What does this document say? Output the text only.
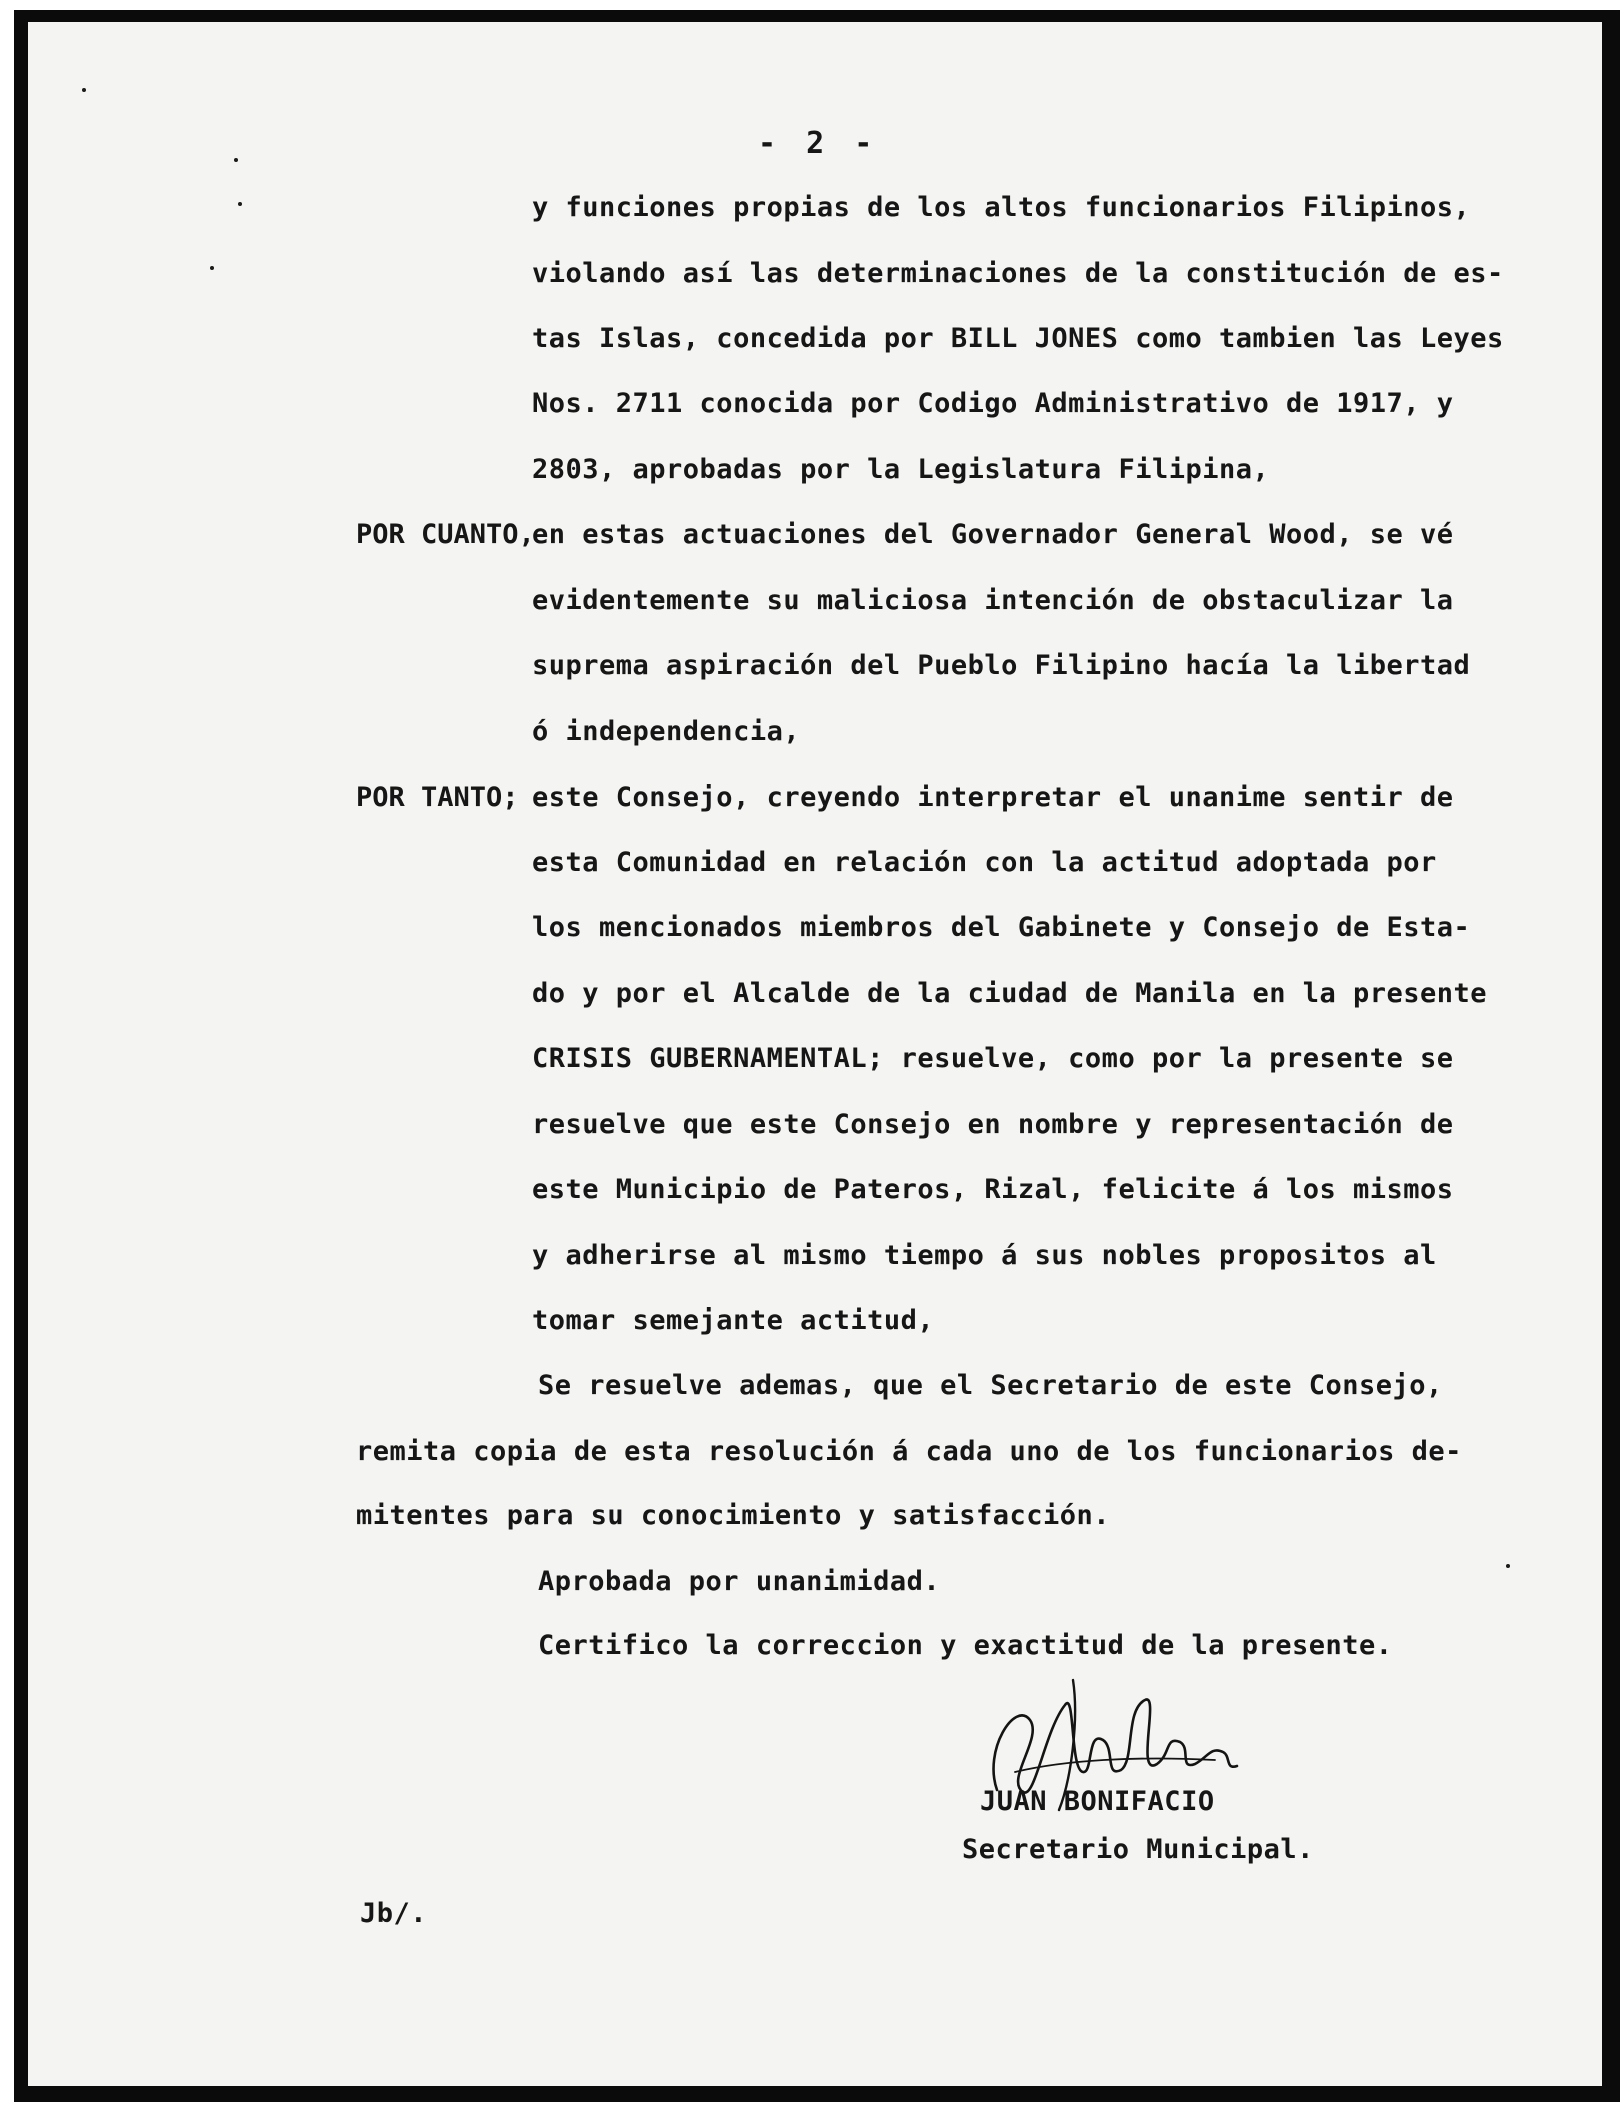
- 2 -
y funciones propias de los altos funcionarios Filipinos,
violando así las determinaciones de la constitución de es-
tas Islas, concedida por BILL JONES como tambien las Leyes
Nos. 2711 conocida por Codigo Administrativo de 1917, y
2803, aprobadas por la Legislatura Filipina,
POR CUANTO,
en estas actuaciones del Governador General Wood, se vé
evidentemente su maliciosa intención de obstaculizar la
suprema aspiración del Pueblo Filipino hacía la libertad
ó independencia,
POR TANTO; este Consejo, creyendo interpretar el unanime sentir de
esta Comunidad en relación con la actitud adoptada por
los mencionados miembros del Gabinete y Consejo de Esta-
do y por el Alcalde de la ciudad de Manila en la presente
CRISIS GUBERNAMENTAL; resuelve, como por la presente se
resuelve que este Consejo en nombre y representación de
este Municipio de Pateros, Rizal, felicite á los mismos
y adherirse al mismo tiempo á sus nobles propositos al
tomar semejante actitud,
Se resuelve ademas, que el Secretario de este Consejo,
remita copia de esta resolución á cada uno de los funcionarios de-
mitentes para su conocimiento y satisfacción.
Aprobada por unanimidad.
Certifico la correccion y exactitud de la presente.
JUAN BONIFACIO
Secretario Municipal.
Jb/.
